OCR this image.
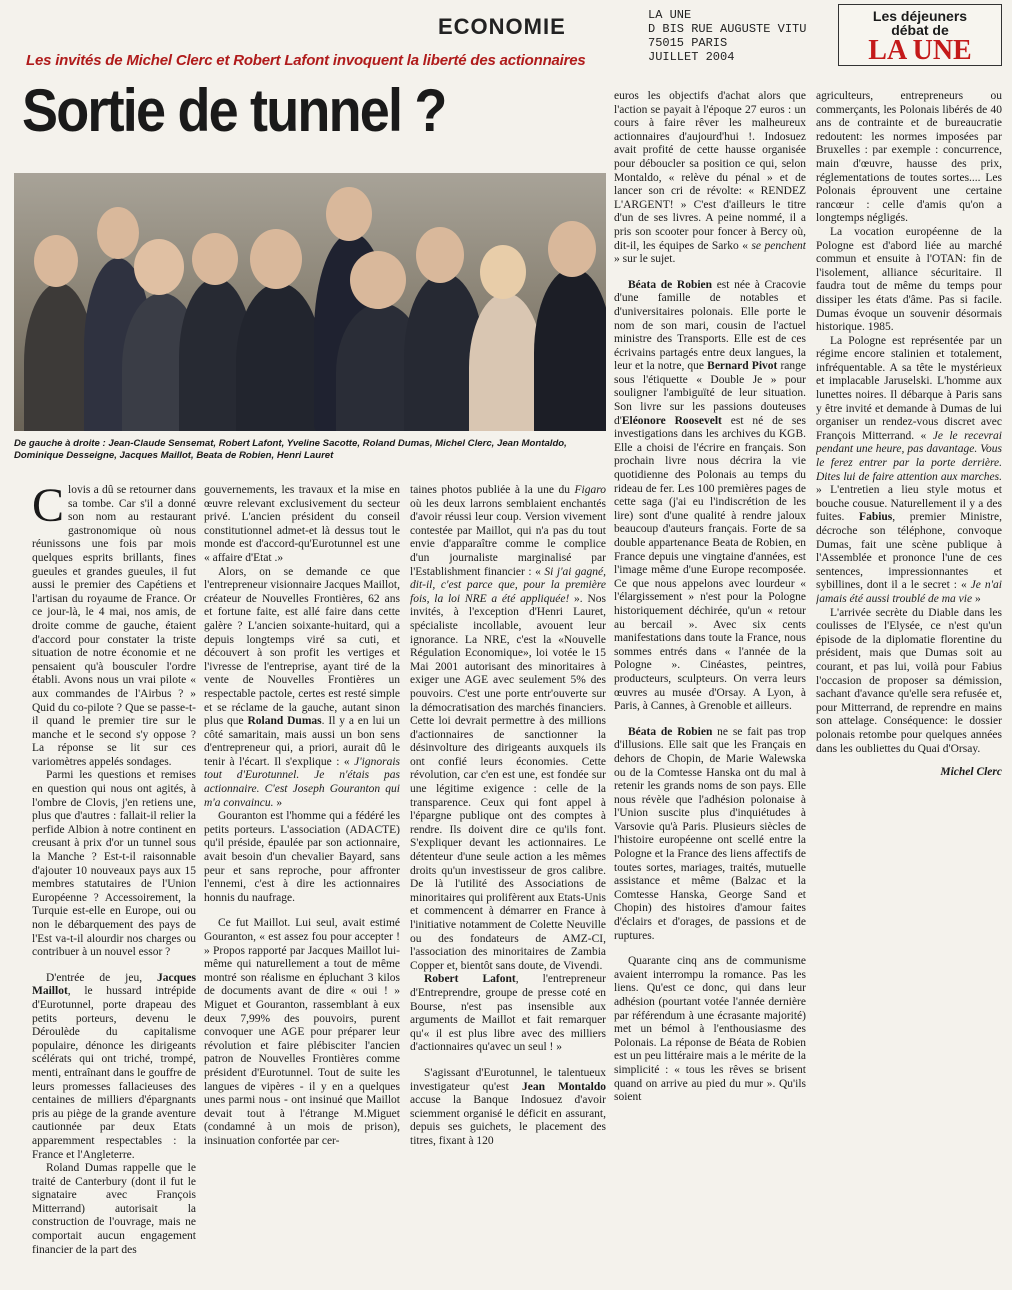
ECONOMIE	LA UNE
D BIS RUE AUGUSTE VITU
75015 PARIS
JUILLET 2004
Les déjeuners
débat de
LA UNE
Les invités de Michel Clerc et Robert Lafont invoquent la liberté des actionnaires
Sortie de tunnel ?
De gauche à droite : Jean-Claude Sensemat, Robert Lafont, Yveline Sacotte, Roland Dumas, Michel Clerc, Jean Montaldo, Dominique Desseigne, Jacques Maillot, Beata de Robien, Henri Lauret

Clovis a dû se retourner dans sa tombe. Car s'il a donné son nom au restaurant gastronomique où nous réunissons une fois par mois quelques esprits brillants, fines gueules et grandes gueules, il fut aussi le premier des Capétiens et l'artisan du royaume de France. Or ce jour-là, le 4 mai, nos amis, de droite comme de gauche, étaient d'accord pour constater la triste situation de notre économie et ne pensaient qu'à bousculer l'ordre établi. Avons nous un vrai pilote « aux commandes de l'Airbus ? » Quid du co-pilote ? Que se passe-t-il quand le premier tire sur le manche et le second s'y oppose ? La réponse se lit sur ces variomètres appelés sondages.

Parmi les questions et remises en question qui nous ont agités, à l'ombre de Clovis, j'en retiens une, plus que d'autres : fallait-il relier la perfide Albion à notre continent en creusant à prix d'or un tunnel sous la Manche ? Est-t-il raisonnable d'ajouter 10 nouveaux pays aux 15 membres statutaires de l'Union Européenne ? Accessoirement, la Turquie est-elle en Europe, oui ou non le débarquement des pays de l'Est va-t-il alourdir nos charges ou contribuer à un nouvel essor ?

D'entrée de jeu, Jacques Maillot, le hussard intrépide d'Eurotunnel, porte drapeau des petits porteurs, devenu le Déroulède du capitalisme populaire, dénonce les dirigeants scélérats qui ont triché, trompé, menti, entraînant dans le gouffre de leurs promesses fallacieuses des centaines de milliers d'épargnants pris au piège de la grande aventure cautionnée par deux Etats apparemment respectables : la France et l'Angleterre.

Roland Dumas rappelle que le traité de Canterbury (dont il fut le signataire avec François Mitterrand) autorisait la construction de l'ouvrage, mais ne comportait aucun engagement financier de la part des

gouvernements, les travaux et la mise en œuvre relevant exclusivement du secteur privé. L'ancien président du conseil constitutionnel admet-et là dessus tout le monde est d'accord-qu'Eurotunnel est une « affaire d'Etat .»

Alors, on se demande ce que l'entrepreneur visionnaire Jacques Maillot, créateur de Nouvelles Frontières, 62 ans et fortune faite, est allé faire dans cette galère ? L'ancien soixante-huitard, qui a depuis longtemps viré sa cuti, et découvert à son profit les vertiges et l'ivresse de l'entreprise, ayant tiré de la vente de Nouvelles Frontières un respectable pactole, certes est resté simple et se réclame de la gauche, autant sinon plus que Roland Dumas. Il y a en lui un côté samaritain, mais aussi un bon sens d'entrepreneur qui, a priori, aurait dû le tenir à l'écart. Il s'explique : « J'ignorais tout d'Eurotunnel. Je n'étais pas actionnaire. C'est Joseph Gouranton qui m'a convaincu. »

Gouranton est l'homme qui a fédéré les petits porteurs. L'association (ADACTE) qu'il préside, épaulée par son actionnaire, avait besoin d'un chevalier Bayard, sans peur et sans reproche, pour affronter l'ennemi, c'est à dire les actionnaires honnis du naufrage.

Ce fut Maillot. Lui seul, avait estimé Gouranton, « est assez fou pour accepter ! » Propos rapporté par Jacques Maillot lui-même qui naturellement a tout de même montré son réalisme en épluchant 3 kilos de documents avant de dire « oui ! » Miguet et Gouranton, rassemblant à eux deux 7,99% des pouvoirs, purent convoquer une AGE pour préparer leur révolution et faire plébisciter l'ancien patron de Nouvelles Frontières comme président d'Eurotunnel. Tout de suite les langues de vipères - il y en a quelques unes parmi nous - ont insinué que Maillot devait tout à l'étrange M.Miguet (condamné à un mois de prison), insinuation confortée par cer-

taines photos publiée à la une du Figaro où les deux larrons semblaient enchantés d'avoir réussi leur coup. Version vivement contestée par Maillot, qui n'a pas du tout envie d'apparaître comme le complice d'un journaliste marginalisé par l'Establishment financier : « Si j'ai gagné, dit-il, c'est parce que, pour la première fois, la loi NRE a été appliquée! ». Nos invités, à l'exception d'Henri Lauret, spécialiste incollable, avouent leur ignorance. La NRE, c'est la «Nouvelle Régulation Economique», loi votée le 15 Mai 2001 autorisant des minoritaires à exiger une AGE avec seulement 5% des pouvoirs. C'est une porte entr'ouverte sur la démocratisation des marchés financiers. Cette loi devrait permettre à des millions d'actionnaires de sanctionner la désinvolture des dirigeants auxquels ils ont confié leurs économies. Cette révolution, car c'en est une, est fondée sur une légitime exigence : celle de la transparence. Ceux qui font appel à l'épargne publique ont des comptes à rendre. Ils doivent dire ce qu'ils font. S'expliquer devant les actionnaires. Le détenteur d'une seule action a les mêmes droits qu'un investisseur de gros calibre. De là l'utilité des Associations de minoritaires qui prolifèrent aux Etats-Unis et commencent à démarrer en France à l'initiative notamment de Colette Neuville ou des fondateurs de AMZ-CI, l'association des minoritaires de Zambia Copper et, bientôt sans doute, de Vivendi.

Robert Lafont, l'entrepreneur d'Entreprendre, groupe de presse coté en Bourse, n'est pas insensible aux arguments de Maillot et fait remarquer qu'« il est plus libre avec des milliers d'actionnaires qu'avec un seul ! »

S'agissant d'Eurotunnel, le talentueux investigateur qu'est Jean Montaldo accuse la Banque Indosuez d'avoir sciemment organisé le déficit en assurant, depuis ses guichets, le placement des titres, fixant à 120

euros les objectifs d'achat alors que l'action se payait à l'époque 27 euros : un cours à faire rêver les malheureux actionnaires d'aujourd'hui !. Indosuez avait profité de cette hausse organisée pour déboucler sa position ce qui, selon Montaldo, « relève du pénal » et de lancer son cri de révolte: « RENDEZ L'ARGENT! » C'est d'ailleurs le titre d'un de ses livres. A peine nommé, il a pris son scooter pour foncer à Bercy où, dit-il, les équipes de Sarko « se penchent » sur le sujet.

Béata de Robien est née à Cracovie d'une famille de notables et d'universitaires polonais. Elle porte le nom de son mari, cousin de l'actuel ministre des Transports. Elle est de ces écrivains partagés entre deux langues, la leur et la notre, que Bernard Pivot range sous l'étiquette « Double Je » pour souligner l'ambiguïté de leur situation. Son livre sur les passions douteuses d'Eléonore Roosevelt est né de ses investigations dans les archives du KGB. Elle a choisi de l'écrire en français. Son prochain livre nous décrira la vie quotidienne des Polonais au temps du rideau de fer. Les 100 premières pages de cette saga (j'ai eu l'indiscrétion de les lire) sont d'une qualité à rendre jaloux beaucoup d'auteurs français. Forte de sa double appartenance Beata de Robien, en France depuis une vingtaine d'années, est l'image même d'une Europe recomposée. Ce que nous appelons avec lourdeur « l'élargissement » n'est pour la Pologne historiquement déchirée, qu'un « retour au bercail ». Avec six cents manifestations dans toute la France, nous sommes entrés dans « l'année de la Pologne ». Cinéastes, peintres, producteurs, sculpteurs. On verra leurs œuvres au musée d'Orsay. A Lyon, à Paris, à Cannes, à Grenoble et ailleurs.

Béata de Robien ne se fait pas trop d'illusions. Elle sait que les Français en dehors de Chopin, de Marie Walewska ou de la Comtesse Hanska ont du mal à retenir les grands noms de son pays. Elle nous révèle que l'adhésion polonaise à l'Union suscite plus d'inquiétudes à Varsovie qu'à Paris. Plusieurs siècles de l'histoire européenne ont scellé entre la Pologne et la France des liens affectifs de toutes sortes, mariages, traités, mutuelle assistance et même (Balzac et la Comtesse Hanska, George Sand et Chopin) des histoires d'amour faites d'éclairs et d'orages, de passions et de ruptures.

Quarante cinq ans de communisme avaient interrompu la romance. Pas les liens. Qu'est ce donc, qui dans leur adhésion (pourtant votée l'année dernière par référendum à une écrasante majorité) met un bémol à l'enthousiasme des Polonais. La réponse de Béata de Robien est un peu littéraire mais a le mérite de la simplicité : « tous les rêves se brisent quand on arrive au pied du mur ». Qu'ils soient

agriculteurs, entrepreneurs ou commerçants, les Polonais libérés de 40 ans de contrainte et de bureaucratie redoutent: les normes imposées par Bruxelles : par exemple : concurrence, main d'œuvre, hausse des prix, réglementations de toutes sortes.... Les Polonais éprouvent une certaine rancœur : celle d'amis qu'on a longtemps négligés.

La vocation européenne de la Pologne est d'abord liée au marché commun et ensuite à l'OTAN: fin de l'isolement, alliance sécuritaire. Il faudra tout de même du temps pour dissiper les états d'âme. Pas si facile. Dumas évoque un souvenir désormais historique. 1985.

La Pologne est représentée par un régime encore stalinien et totalement, infréquentable. A sa tête le mystérieux et implacable Jaruselski. L'homme aux lunettes noires. Il débarque à Paris sans y être invité et demande à Dumas de lui organiser un rendez-vous discret avec François Mitterrand. « Je le recevrai pendant une heure, pas davantage. Vous le ferez entrer par la porte derrière. Dites lui de faire attention aux marches. » L'entretien a lieu style motus et bouche cousue. Naturellement il y a des fuites. Fabius, premier Ministre, décroche son téléphone, convoque Dumas, fait une scène publique à l'Assemblée et prononce l'une de ces sentences, impressionnantes et sybillines, dont il a le secret : « Je n'ai jamais été aussi troublé de ma vie »

L'arrivée secrète du Diable dans les coulisses de l'Elysée, ce n'est qu'un épisode de la diplomatie florentine du président, mais que Dumas soit au courant, et pas lui, voilà pour Fabius l'occasion de proposer sa démission, sachant d'avance qu'elle sera refusée et, pour Mitterrand, de reprendre en mains son attelage. Conséquence: le dossier polonais retombe pour quelques années dans les oubliettes du Quai d'Orsay.

Michel Clerc
